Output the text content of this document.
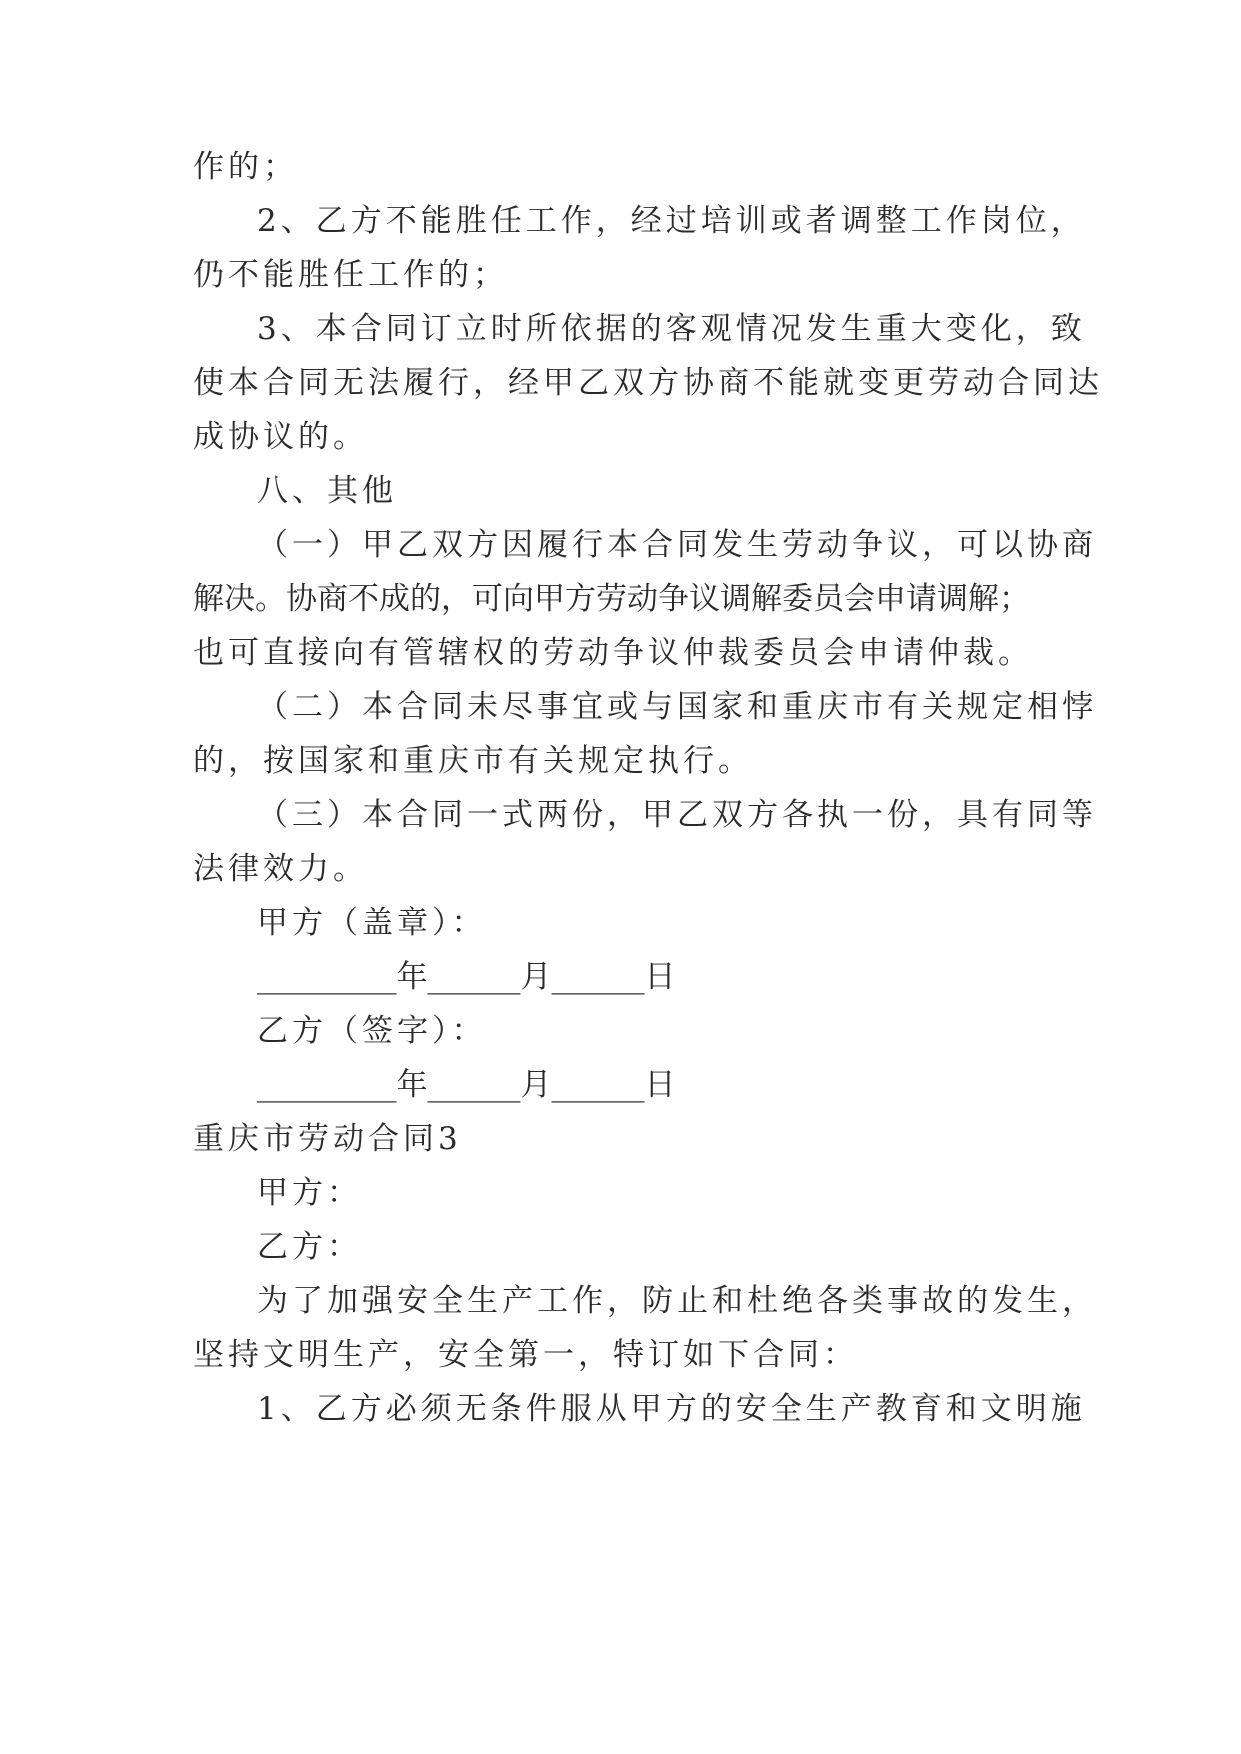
作的；
2、乙方不能胜任工作，经过培训或者调整工作岗位，
仍不能胜任工作的；
3、本合同订立时所依据的客观情况发生重大变化，致
使本合同无法履行，经甲乙双方协商不能就变更劳动合同达
成协议的。
八、其他
（一）甲乙双方因履行本合同发生劳动争议，可以协商
解决。协商不成的，可向甲方劳动争议调解委员会申请调解；
也可直接向有管辖权的劳动争议仲裁委员会申请仲裁。
（二）本合同未尽事宜或与国家和重庆市有关规定相悖
的，按国家和重庆市有关规定执行。
（三）本合同一式两份，甲乙双方各执一份，具有同等
法律效力。
甲方（盖章）：
_________年______月______日
乙方（签字）：
_________年______月______日
重庆市劳动合同3
甲方：
乙方：
为了加强安全生产工作，防止和杜绝各类事故的发生，
坚持文明生产，安全第一，特订如下合同：
1、乙方必须无条件服从甲方的安全生产教育和文明施
